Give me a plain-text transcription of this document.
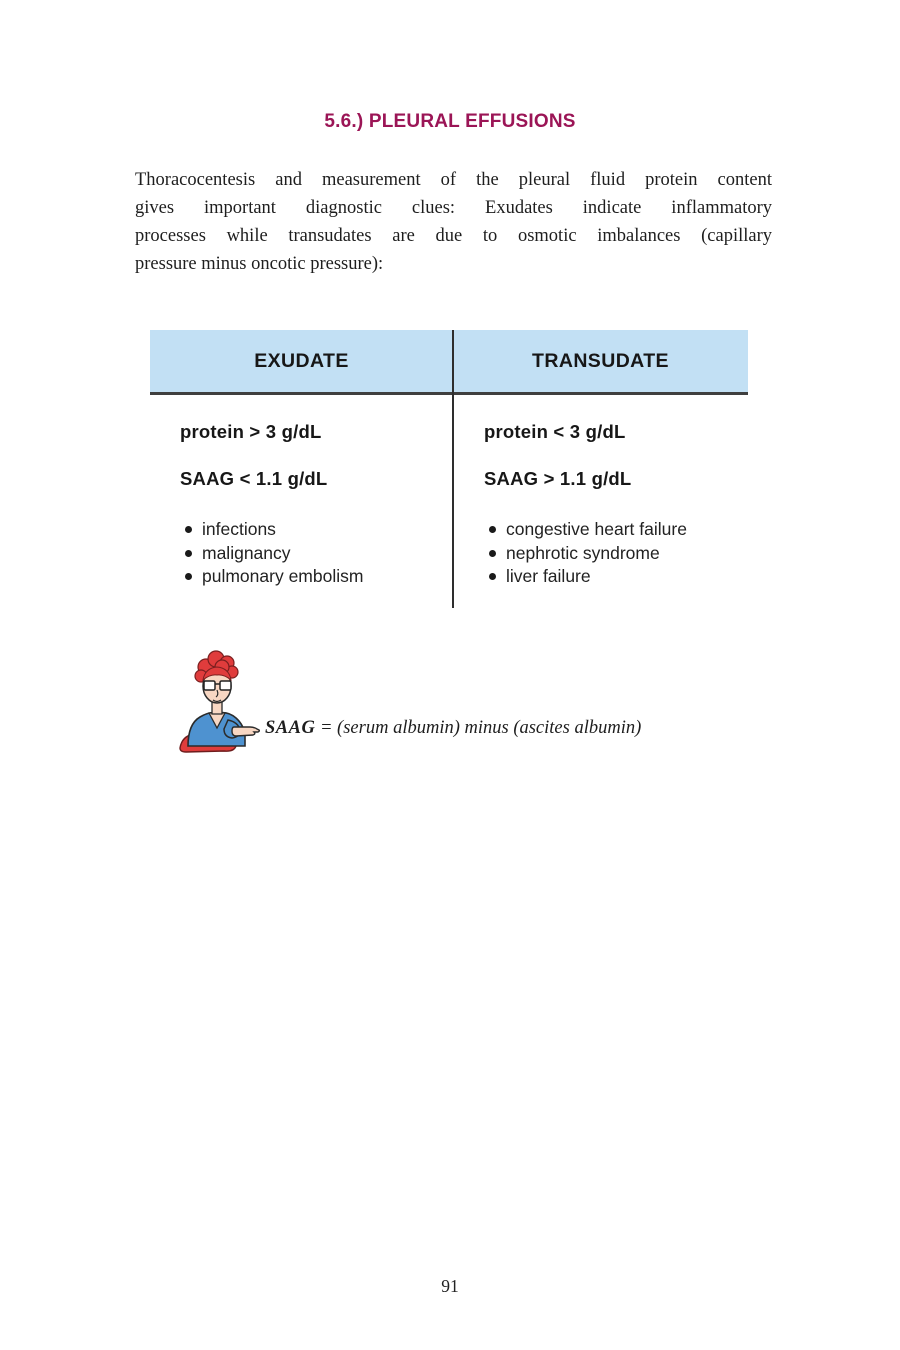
5.6.) PLEURAL EFFUSIONS
Thoracocentesis and measurement of the pleural fluid protein content
gives important diagnostic clues: Exudates indicate inflammatory
processes while transudates are due to osmotic imbalances (capillary
pressure minus oncotic pressure):
EXUDATE	TRANSUDATE
protein > 3 g/dL
SAAG < 1.1 g/dL
infections
malignancy
pulmonary embolism
protein < 3 g/dL
SAAG > 1.1 g/dL
congestive heart failure
nephrotic syndrome
liver failure
SAAG = (serum albumin) minus (ascites albumin)
91
